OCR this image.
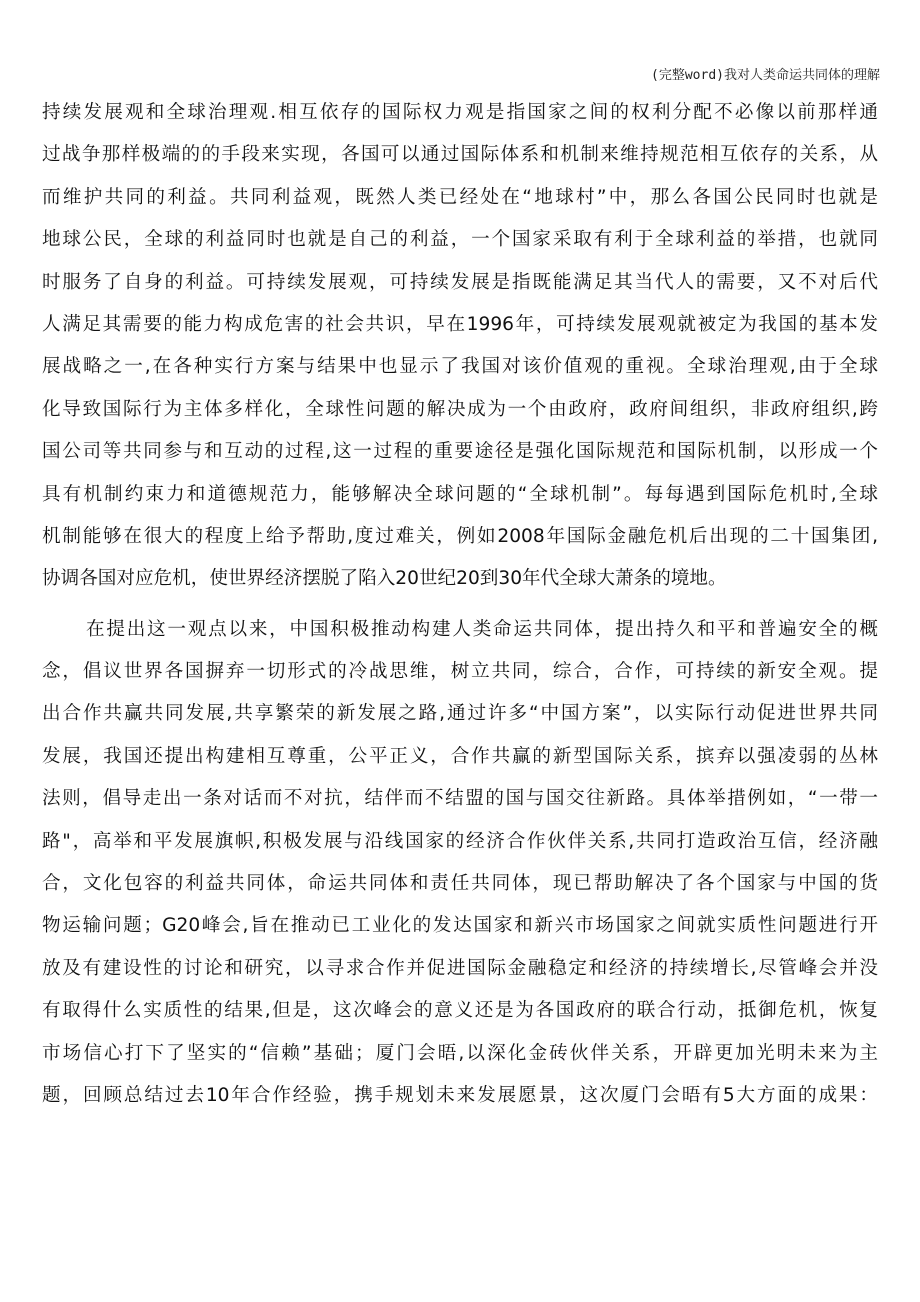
(完整word)我对人类命运共同体的理解
持续发展观和全球治理观.相互依存的国际权力观是指国家之间的权利分配不必像以前那样通
过战争那样极端的的手段来实现，各国可以通过国际体系和机制来维持规范相互依存的关系，从
而维护共同的利益。共同利益观，既然人类已经处在“地球村”中，那么各国公民同时也就是
地球公民，全球的利益同时也就是自己的利益，一个国家采取有利于全球利益的举措，也就同
时服务了自身的利益。可持续发展观，可持续发展是指既能满足其当代人的需要，又不对后代
人满足其需要的能力构成危害的社会共识，早在1996年，可持续发展观就被定为我国的基本发
展战略之一,在各种实行方案与结果中也显示了我国对该价值观的重视。全球治理观,由于全球
化导致国际行为主体多样化，全球性问题的解决成为一个由政府，政府间组织，非政府组织,跨
国公司等共同参与和互动的过程,这一过程的重要途径是强化国际规范和国际机制，以形成一个
具有机制约束力和道德规范力，能够解决全球问题的“全球机制”。每每遇到国际危机时,全球
机制能够在很大的程度上给予帮助,度过难关，例如2008年国际金融危机后出现的二十国集团,
协调各国对应危机，使世界经济摆脱了陷入20世纪20到30年代全球大萧条的境地。
在提出这一观点以来，中国积极推动构建人类命运共同体，提出持久和平和普遍安全的概
念，倡议世界各国摒弃一切形式的冷战思维，树立共同，综合，合作，可持续的新安全观。提
出合作共赢共同发展,共享繁荣的新发展之路,通过许多“中国方案”，以实际行动促进世界共同
发展，我国还提出构建相互尊重，公平正义，合作共赢的新型国际关系，摈弃以强凌弱的丛林
法则，倡导走出一条对话而不对抗，结伴而不结盟的国与国交往新路。具体举措例如，“一带一
路"，高举和平发展旗帜,积极发展与沿线国家的经济合作伙伴关系,共同打造政治互信，经济融
合，文化包容的利益共同体，命运共同体和责任共同体，现已帮助解决了各个国家与中国的货
物运输问题；G20峰会,旨在推动已工业化的发达国家和新兴市场国家之间就实质性问题进行开
放及有建设性的讨论和研究，以寻求合作并促进国际金融稳定和经济的持续增长,尽管峰会并没
有取得什么实质性的结果,但是，这次峰会的意义还是为各国政府的联合行动，抵御危机，恢复
市场信心打下了坚实的“信赖”基础；厦门会晤,以深化金砖伙伴关系，开辟更加光明未来为主
题，回顾总结过去10年合作经验，携手规划未来发展愿景，这次厦门会晤有5大方面的成果：
